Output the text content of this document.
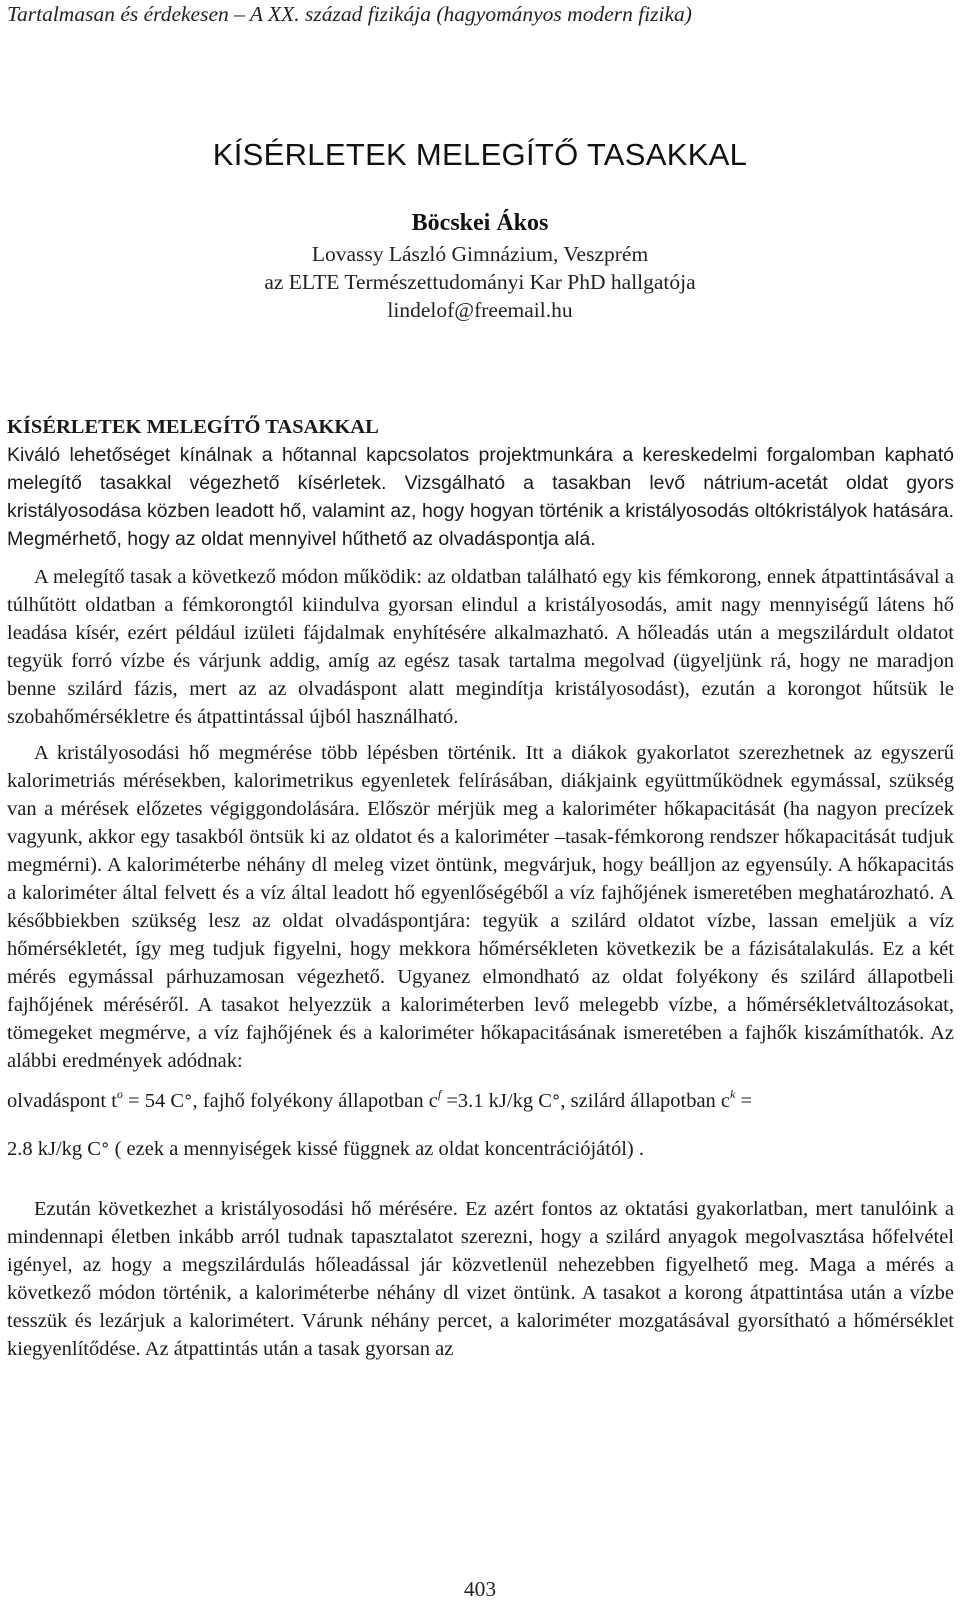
Tartalmasan és érdekesen – A XX. század fizikája (hagyományos modern fizika)
KÍSÉRLETEK MELEGÍTŐ TASAKKAL
Böcskei Ákos
Lovassy László Gimnázium, Veszprém
az ELTE Természettudományi Kar PhD hallgatója
lindelof@freemail.hu

KÍSÉRLETEK MELEGÍTŐ TASAKKAL

Kiváló lehetőséget kínálnak a hőtannal kapcsolatos projektmunkára a kereskedelmi forgalomban kapható melegítő tasakkal végezhető kísérletek. Vizsgálható a tasakban levő nátrium-acetát oldat gyors kristályosodása közben leadott hő, valamint az, hogy hogyan történik a kristályosodás oltókristályok hatására. Megmérhető, hogy az oldat mennyivel hűthető az olvadáspontja alá.

A melegítő tasak a következő módon működik: az oldatban található egy kis fémkorong, ennek átpattintásával a túlhűtött oldatban a fémkorongtól kiindulva gyorsan elindul a kristályosodás, amit nagy mennyiségű látens hő leadása kísér, ezért például izületi fájdalmak enyhítésére alkalmazható. A hőleadás után a megszilárdult oldatot tegyük forró vízbe és várjunk addig, amíg az egész tasak tartalma megolvad (ügyeljünk rá, hogy ne maradjon benne szilárd fázis, mert az az olvadáspont alatt megindítja kristályosodást), ezután a korongot hűtsük le szobahőmérsékletre és átpattintással újból használható.

A kristályosodási hő megmérése több lépésben történik. Itt a diákok gyakorlatot szerezhetnek az egyszerű kalorimetriás mérésekben, kalorimetrikus egyenletek felírásában, diákjaink együttműködnek egymással, szükség van a mérések előzetes végiggondolására. Először mérjük meg a kaloriméter hőkapacitását (ha nagyon precízek vagyunk, akkor egy tasakból öntsük ki az oldatot és a kaloriméter –tasak-fémkorong rendszer hőkapacitását tudjuk megmérni). A kaloriméterbe néhány dl meleg vizet öntünk, megvárjuk, hogy beálljon az egyensúly. A hőkapacitás a kaloriméter által felvett és a víz által leadott hő egyenlőségéből a víz fajhőjének ismeretében meghatározható. A későbbiekben szükség lesz az oldat olvadáspontjára: tegyük a szilárd oldatot vízbe, lassan emeljük a víz hőmérsékletét, így meg tudjuk figyelni, hogy mekkora hőmérsékleten következik be a fázisátalakulás. Ez a két mérés egymással párhuzamosan végezhető. Ugyanez elmondható az oldat folyékony és szilárd állapotbeli fajhőjének méréséről. A tasakot helyezzük a kaloriméterben levő melegebb vízbe, a hőmérsékletváltozásokat, tömegeket megmérve, a víz fajhőjének és a kaloriméter hőkapacitásának ismeretében a fajhők kiszámíthatók. Az alábbi eredmények adódnak:

olvadáspont $t^o = 54$ C°, fajhő folyékony állapotban $c^f =3.1$ kJ/kg C°, szilárd állapotban $c^k$ =

2.8 kJ/kg C° ( ezek a mennyiségek kissé függnek az oldat koncentrációjától) .

Ezután következhet a kristályosodási hő mérésére. Ez azért fontos az oktatási gyakorlatban, mert tanulóink a mindennapi életben inkább arról tudnak tapasztalatot szerezni, hogy a szilárd anyagok megolvasztása hőfelvétel igényel, az hogy a megszilárdulás hőleadással jár közvetlenül nehezebben figyelhető meg. Maga a mérés a következő módon történik, a kaloriméterbe néhány dl vizet öntünk. A tasakot a korong átpattintása után a vízbe tesszük és lezárjuk a kalorimétert. Várunk néhány percet, a kaloriméter mozgatásával gyorsítható a hőmérséklet kiegyenlítődése. Az átpattintás után a tasak gyorsan az

403
